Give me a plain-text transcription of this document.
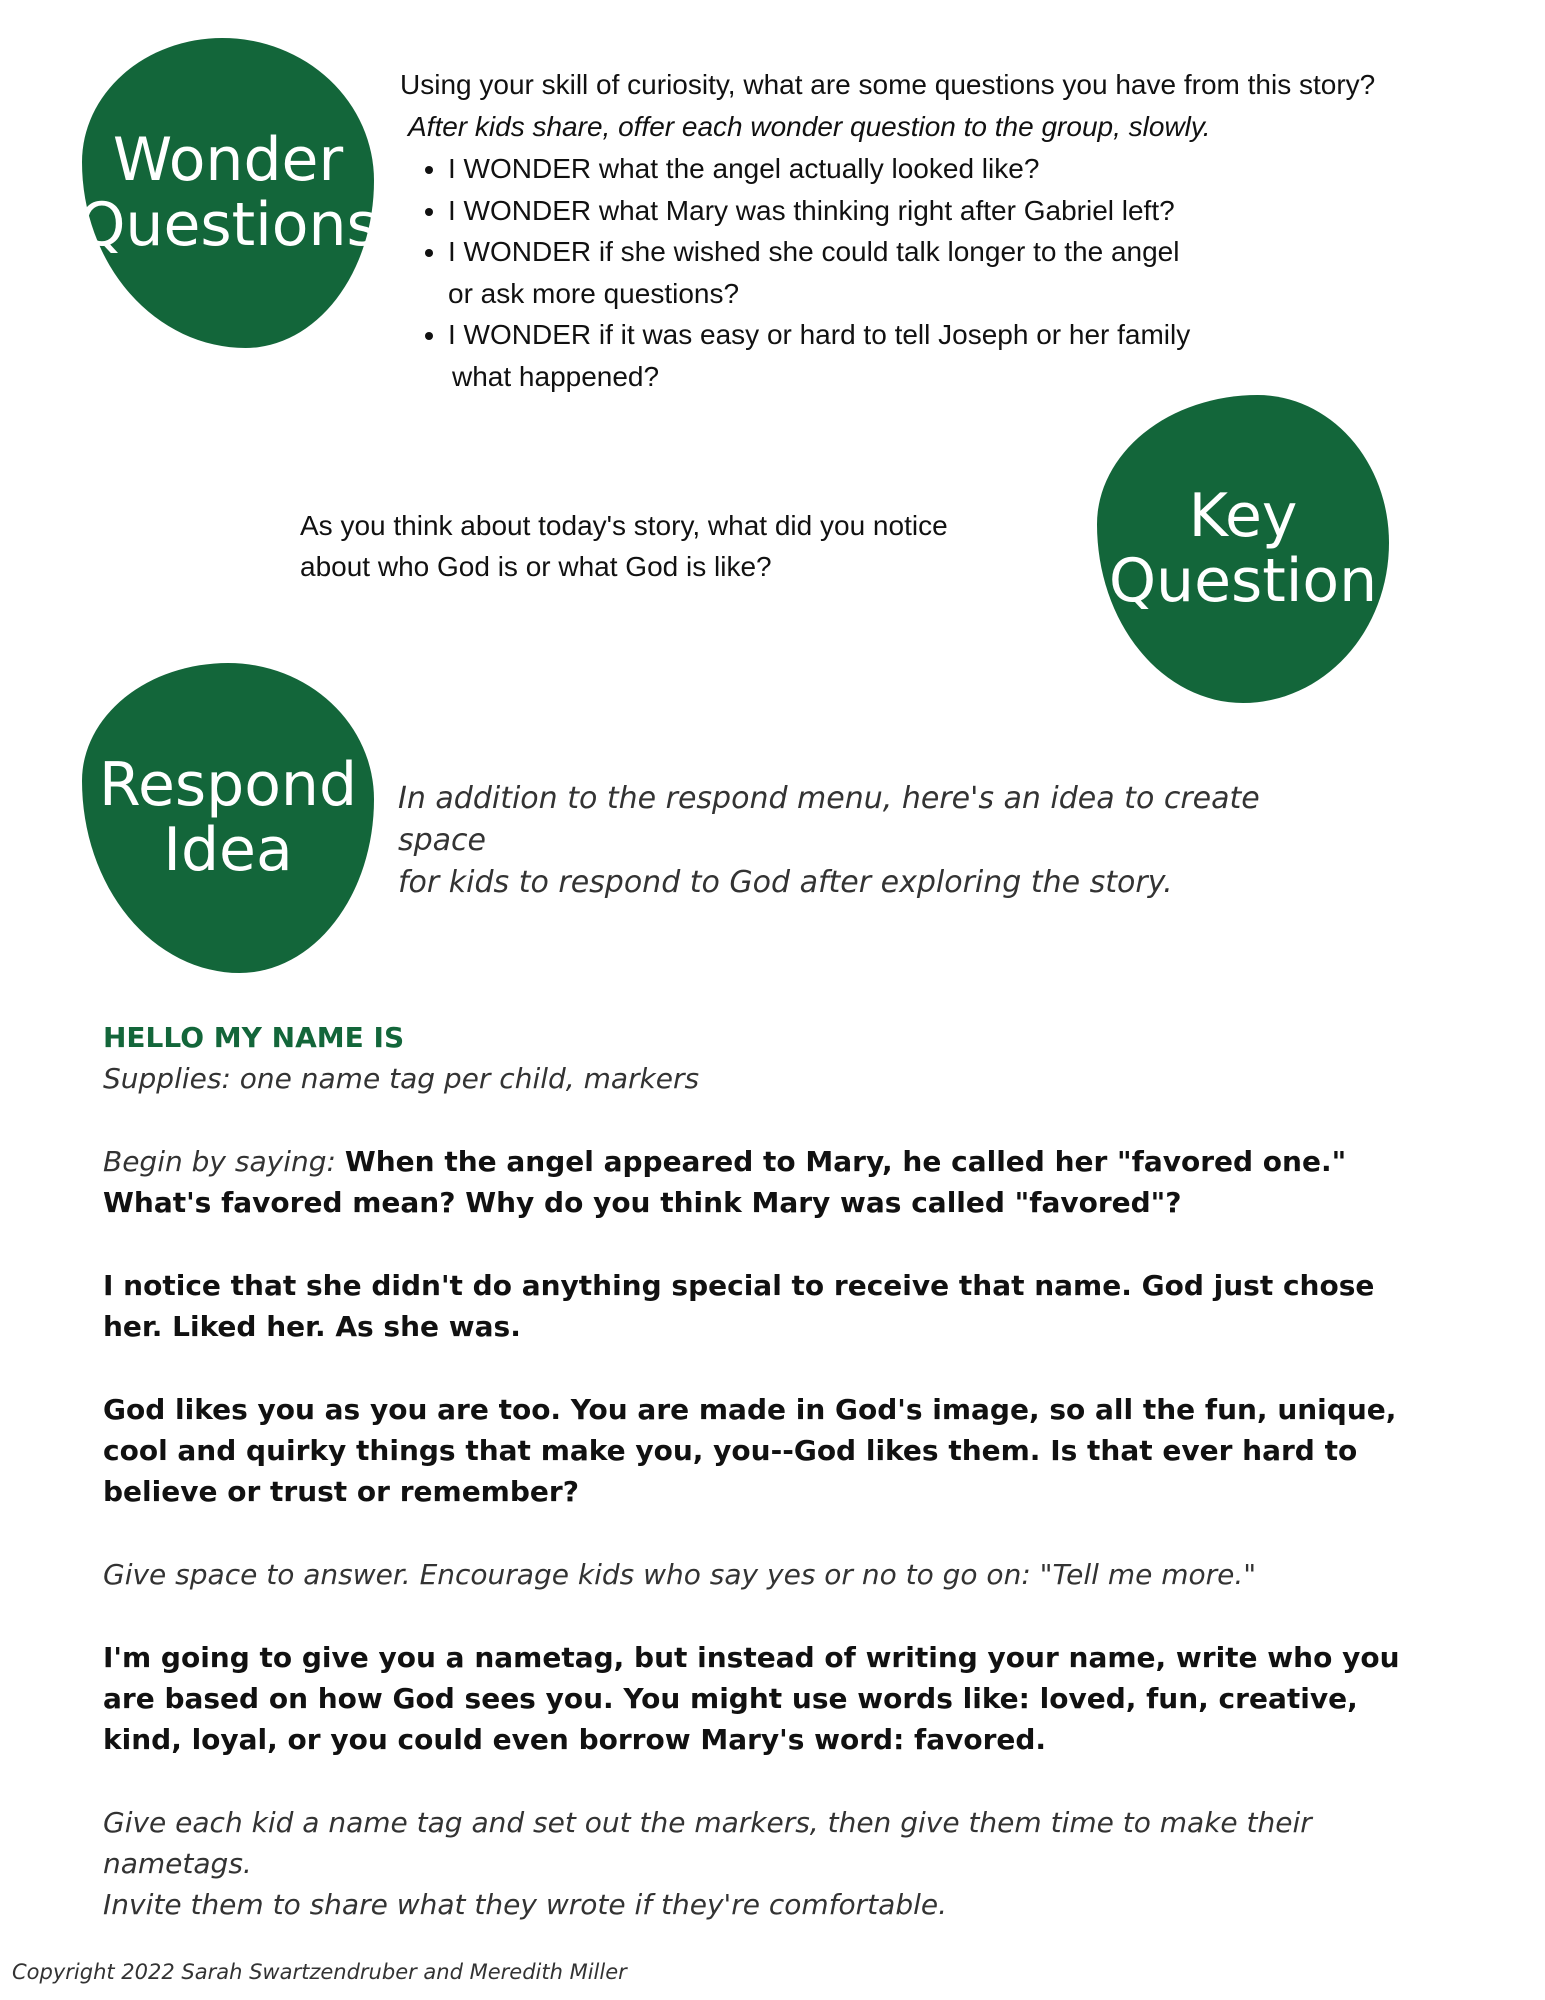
Wonder
Questions
Using your skill of curiosity, what are some questions you have from this story?
After kids share, offer each wonder question to the group, slowly.
• I WONDER what the angel actually looked like?
• I WONDER what Mary was thinking right after Gabriel left?
• I WONDER if she wished she could talk longer to the angel
or ask more questions?
• I WONDER if it was easy or hard to tell Joseph or her family
what happened?
As you think about today's story, what did you notice
about who God is or what God is like?
Key
Question
Respond
Idea
In addition to the respond menu, here's an idea to create space
for kids to respond to God after exploring the story.

HELLO MY NAME IS

Supplies: one name tag per child, markers

Begin by saying: When the angel appeared to Mary, he called her "favored one." What's favored mean? Why do you think Mary was called "favored"?

I notice that she didn't do anything special to receive that name. God just chose her. Liked her. As she was.

God likes you as you are too. You are made in God's image, so all the fun, unique, cool and quirky things that make you, you--God likes them. Is that ever hard to believe or trust or remember?

Give space to answer. Encourage kids who say yes or no to go on: "Tell me more."

I'm going to give you a nametag, but instead of writing your name, write who you are based on how God sees you. You might use words like: loved, fun, creative, kind, loyal, or you could even borrow Mary's word: favored.

Give each kid a name tag and set out the markers, then give them time to make their nametags.
Invite them to share what they wrote if they're comfortable.

Copyright 2022 Sarah Swartzendruber and Meredith Miller
